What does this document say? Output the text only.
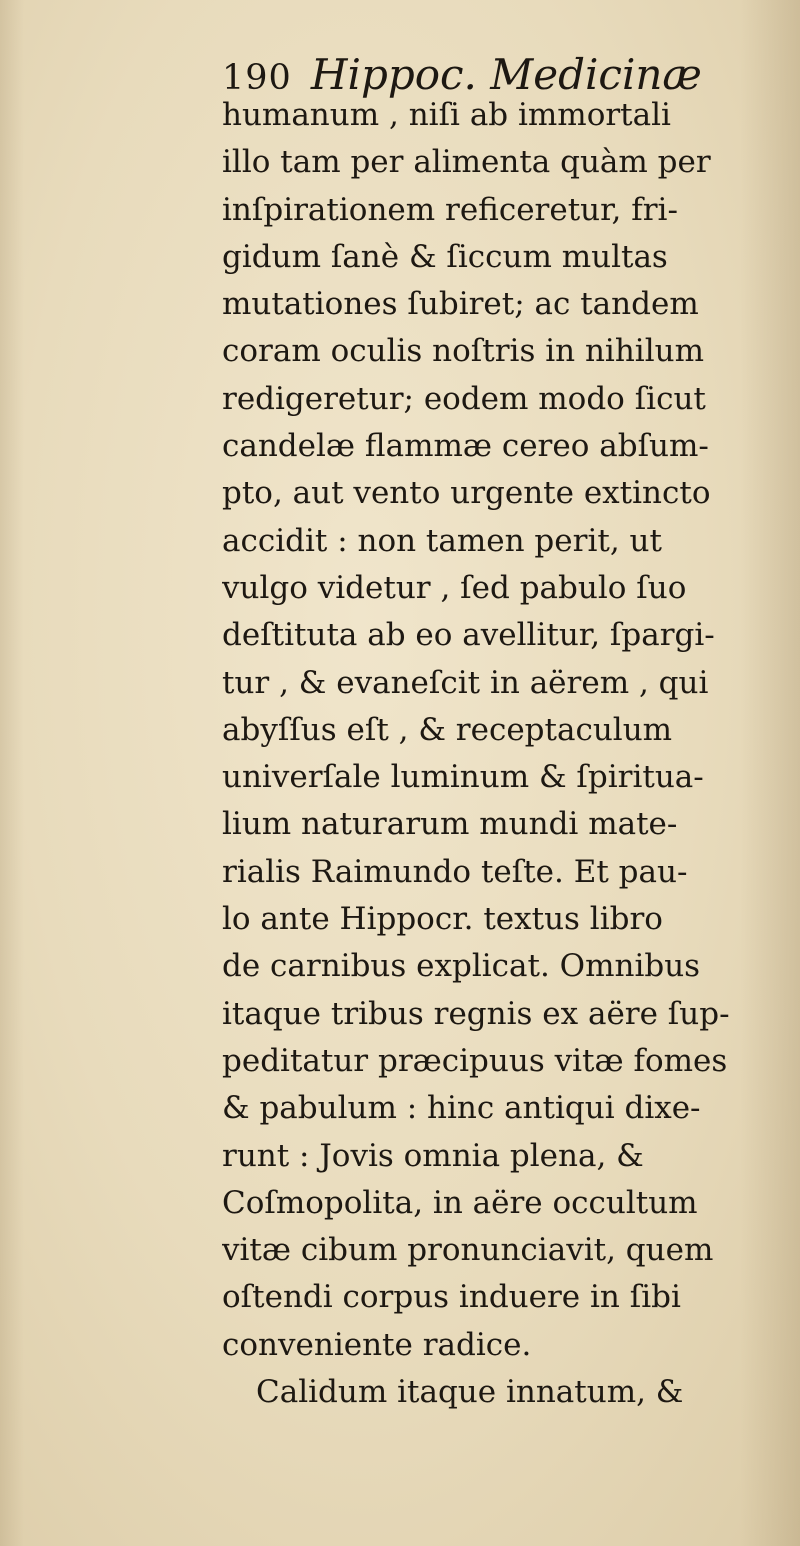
190 Hippoc. Medicinæ
humanum , niſi ab immortali
illo tam per alimenta quàm per
inſpirationem reficeretur, fri-
gidum ſanè & ſiccum multas
mutationes ſubiret; ac tandem
coram oculis noſtris in nihilum
redigeretur; eodem modo ſicut
candelæ flammæ cereo abſum-
pto, aut vento urgente extincto
accidit : non tamen perit, ut
vulgo videtur , ſed pabulo ſuo
deſtituta ab eo avellitur, ſpargi-
tur , & evaneſcit in aërem , qui
abyſſus eſt , & receptaculum
univerſale luminum & ſpiritua-
lium naturarum mundi mate-
rialis Raimundo teſte. Et pau-
lo ante Hippocr. textus libro
de carnibus explicat. Omnibus
itaque tribus regnis ex aëre ſup-
peditatur præcipuus vitæ fomes
& pabulum : hinc antiqui dixe-
runt : Jovis omnia plena, &
Coſmopolita, in aëre occultum
vitæ cibum pronunciavit, quem
oſtendi corpus induere in ſibi
conveniente radice.
Calidum itaque innatum, &
